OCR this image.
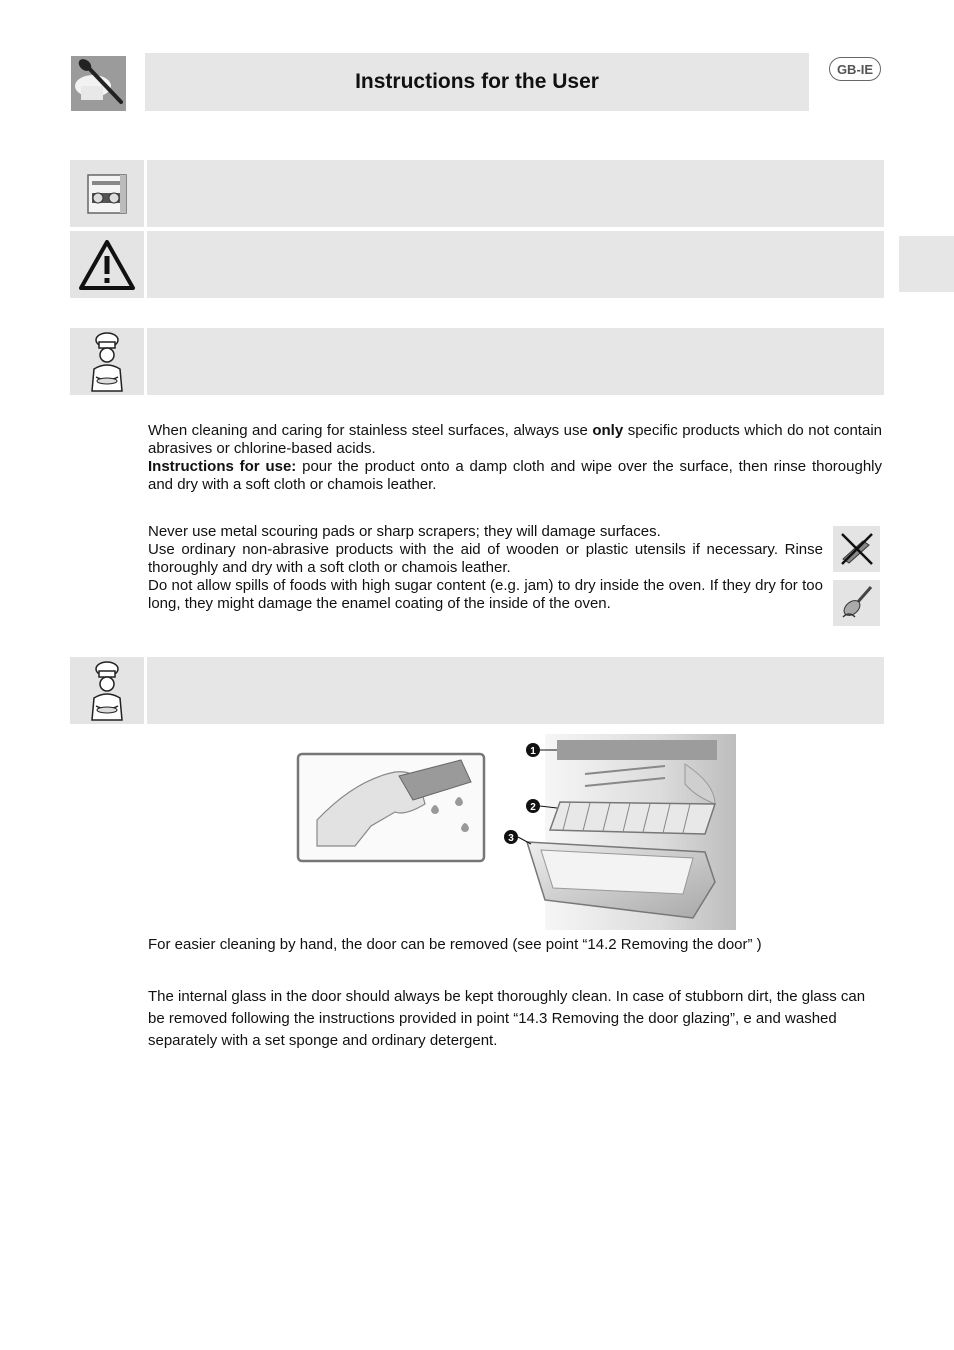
Instructions for the User
GB-IE

When cleaning and caring for stainless steel surfaces, always use only specific products which do not contain abrasives or chlorine-based acids.

Instructions for use: pour the product onto a damp cloth and wipe over the surface, then rinse thoroughly and dry with a soft cloth or chamois leather.

Never use metal scouring pads or sharp scrapers; they will damage surfaces.

Use ordinary non-abrasive products with the aid of wooden or plastic utensils if necessary. Rinse thoroughly and dry with a soft cloth or chamois leather.

Do not allow spills of foods with high sugar content (e.g. jam) to dry inside the oven. If they dry for too long, they might damage the enamel coating of the inside of the oven.

1
2
3
For easier cleaning by hand, the door can be removed (see point “14.2 Removing the door” )
The internal glass in the door should always be kept thoroughly clean. In case of stubborn dirt, the glass can be removed following the instructions provided in point “14.3 Removing the door glazing”, e and washed separately with a set sponge and ordinary detergent.
